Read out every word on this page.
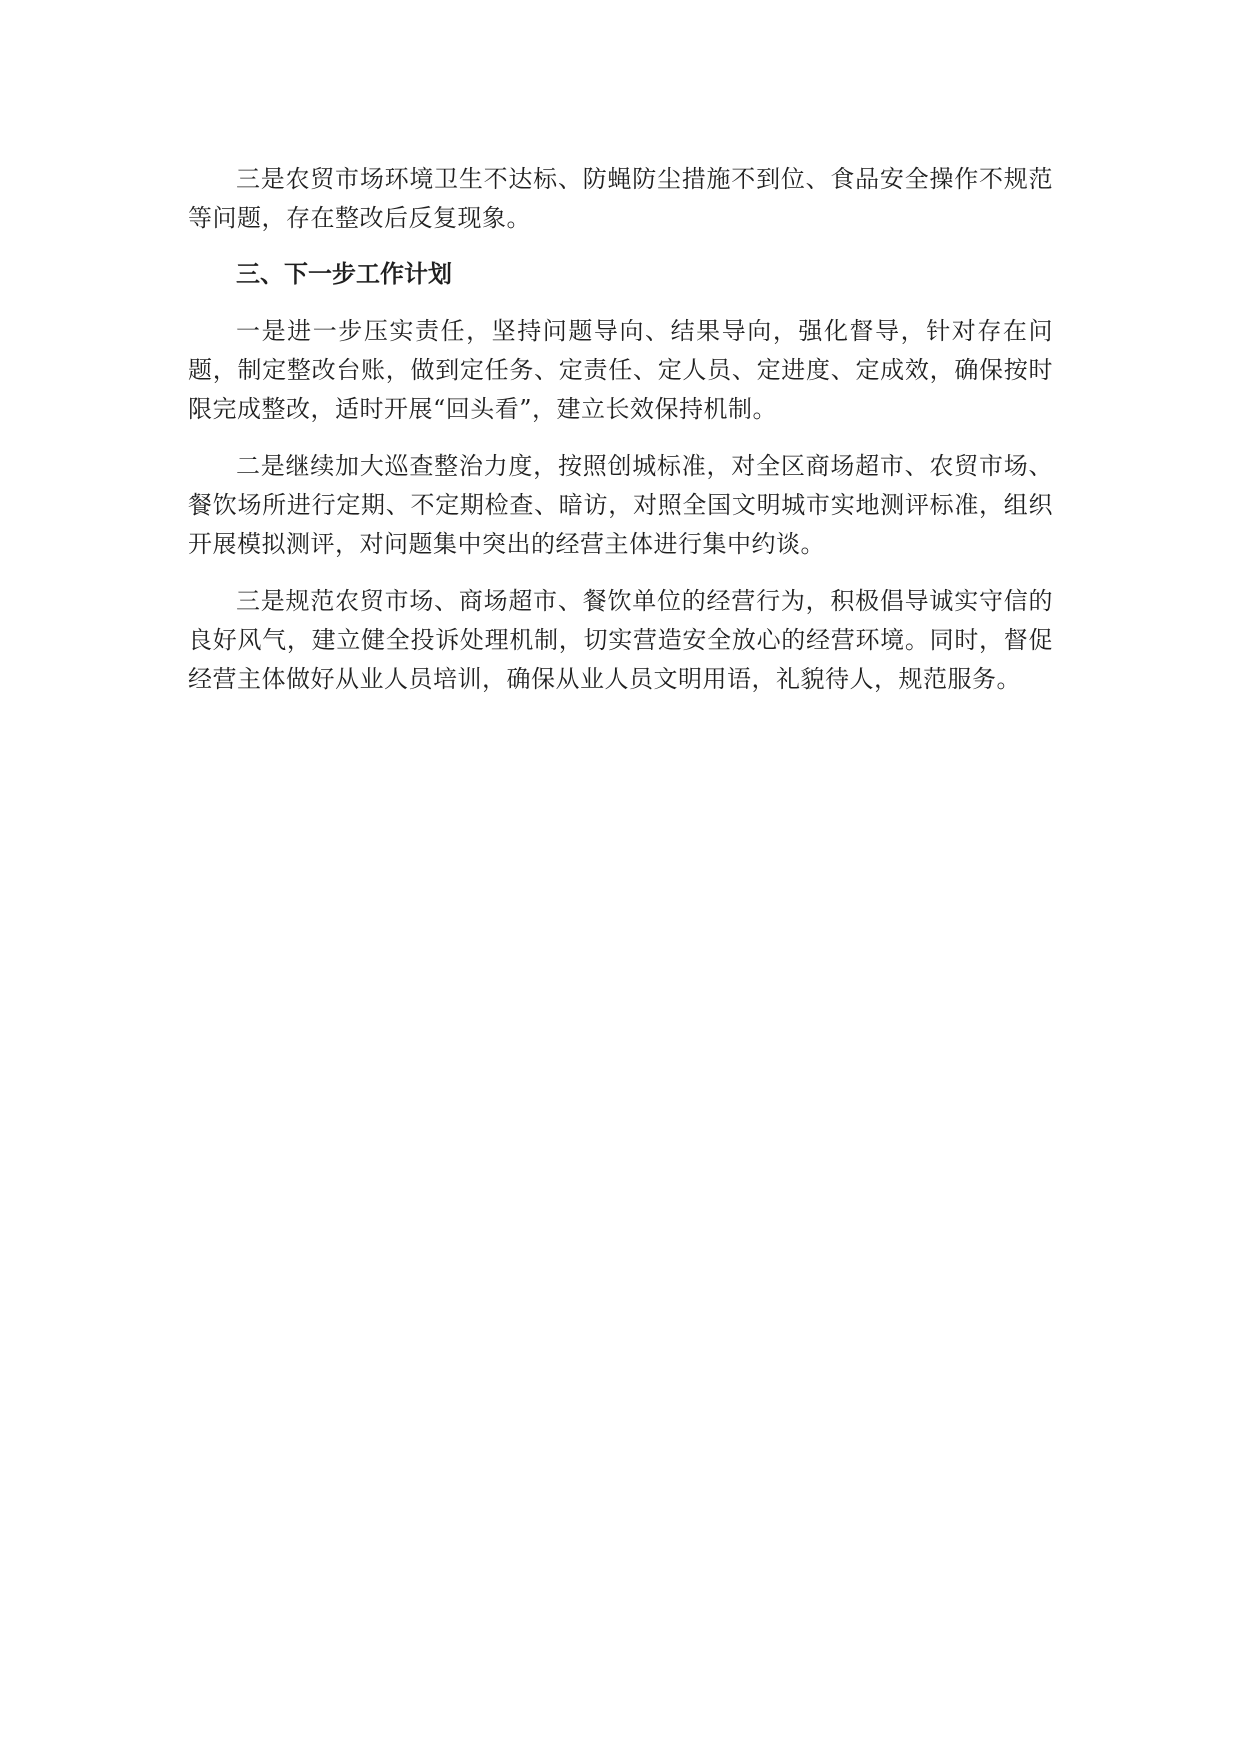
三是农贸市场环境卫生不达标、防蝇防尘措施不到位、食品安全操作不规范等问题，存在整改后反复现象。

三、下一步工作计划

一是进一步压实责任，坚持问题导向、结果导向，强化督导，针对存在问题，制定整改台账，做到定任务、定责任、定人员、定进度、定成效，确保按时限完成整改，适时开展“回头看”，建立长效保持机制。

二是继续加大巡查整治力度，按照创城标准，对全区商场超市、农贸市场、餐饮场所进行定期、不定期检查、暗访，对照全国文明城市实地测评标准，组织开展模拟测评，对问题集中突出的经营主体进行集中约谈。

三是规范农贸市场、商场超市、餐饮单位的经营行为，积极倡导诚实守信的良好风气，建立健全投诉处理机制，切实营造安全放心的经营环境。同时，督促经营主体做好从业人员培训，确保从业人员文明用语，礼貌待人，规范服务。
